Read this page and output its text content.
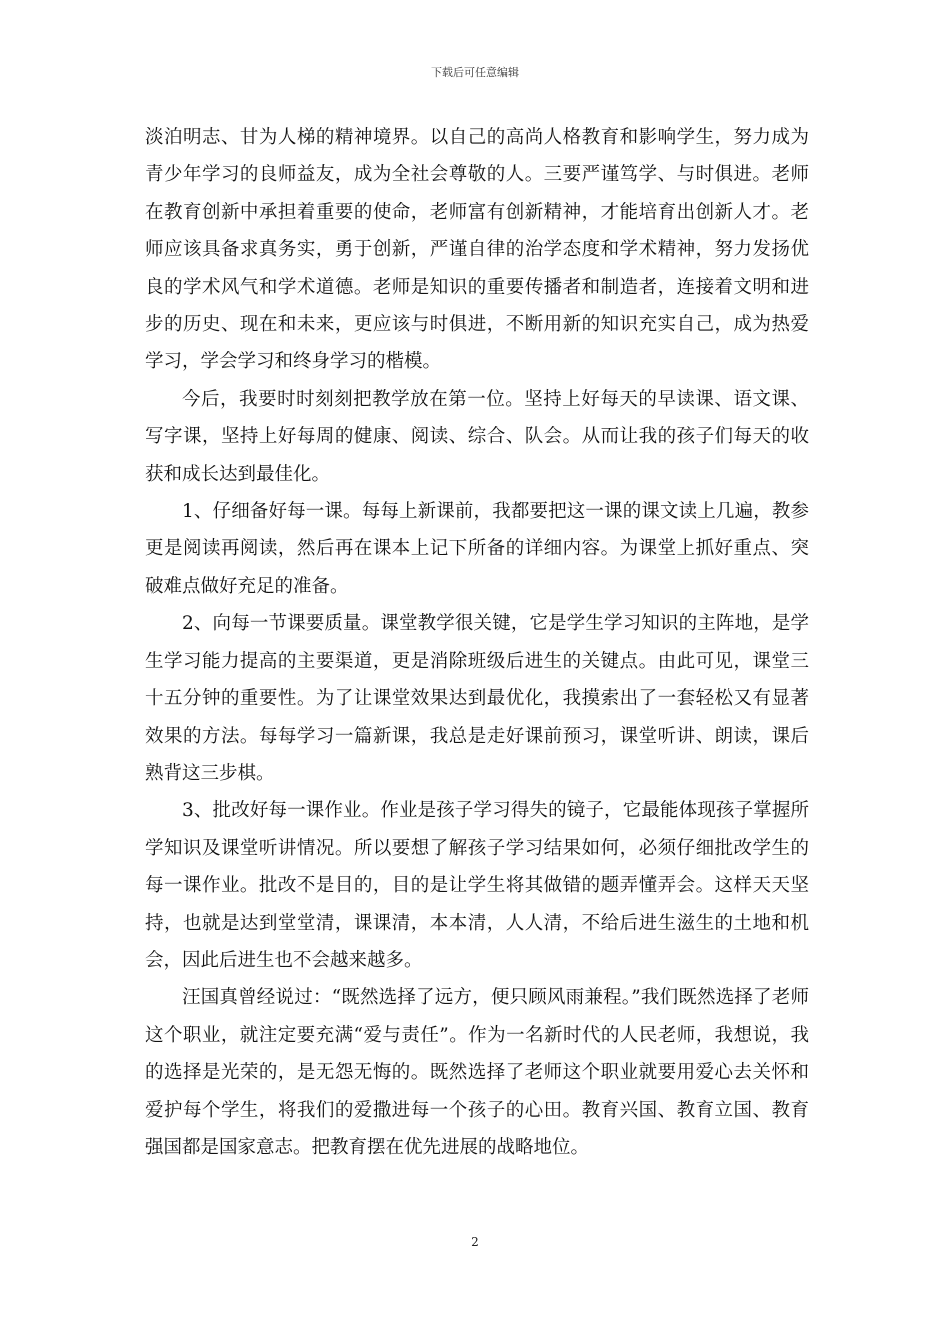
下载后可任意编辑

淡泊明志、甘为人梯的精神境界。以自己的高尚人格教育和影响学生，努力成为青少年学习的良师益友，成为全社会尊敬的人。三要严谨笃学、与时俱进。老师在教育创新中承担着重要的使命，老师富有创新精神，才能培育出创新人才。老师应该具备求真务实，勇于创新，严谨自律的治学态度和学术精神，努力发扬优良的学术风气和学术道德。老师是知识的重要传播者和制造者，连接着文明和进步的历史、现在和未来，更应该与时俱进，不断用新的知识充实自己，成为热爱学习，学会学习和终身学习的楷模。

今后，我要时时刻刻把教学放在第一位。坚持上好每天的早读课、语文课、写字课，坚持上好每周的健康、阅读、综合、队会。从而让我的孩子们每天的收获和成长达到最佳化。

1、仔细备好每一课。每每上新课前，我都要把这一课的课文读上几遍，教参更是阅读再阅读，然后再在课本上记下所备的详细内容。为课堂上抓好重点、突破难点做好充足的准备。

2、向每一节课要质量。课堂教学很关键，它是学生学习知识的主阵地，是学生学习能力提高的主要渠道，更是消除班级后进生的关键点。由此可见，课堂三十五分钟的重要性。为了让课堂效果达到最优化，我摸索出了一套轻松又有显著效果的方法。每每学习一篇新课，我总是走好课前预习，课堂听讲、朗读，课后熟背这三步棋。

3、批改好每一课作业。作业是孩子学习得失的镜子，它最能体现孩子掌握所学知识及课堂听讲情况。所以要想了解孩子学习结果如何，必须仔细批改学生的每一课作业。批改不是目的，目的是让学生将其做错的题弄懂弄会。这样天天坚持，也就是达到堂堂清，课课清，本本清，人人清，不给后进生滋生的土地和机会，因此后进生也不会越来越多。

汪国真曾经说过：“既然选择了远方，便只顾风雨兼程。”我们既然选择了老师这个职业，就注定要充满“爱与责任”。作为一名新时代的人民老师，我想说，我的选择是光荣的，是无怨无悔的。既然选择了老师这个职业就要用爱心去关怀和爱护每个学生，将我们的爱撒进每一个孩子的心田。教育兴国、教育立国、教育强国都是国家意志。把教育摆在优先进展的战略地位。

2
